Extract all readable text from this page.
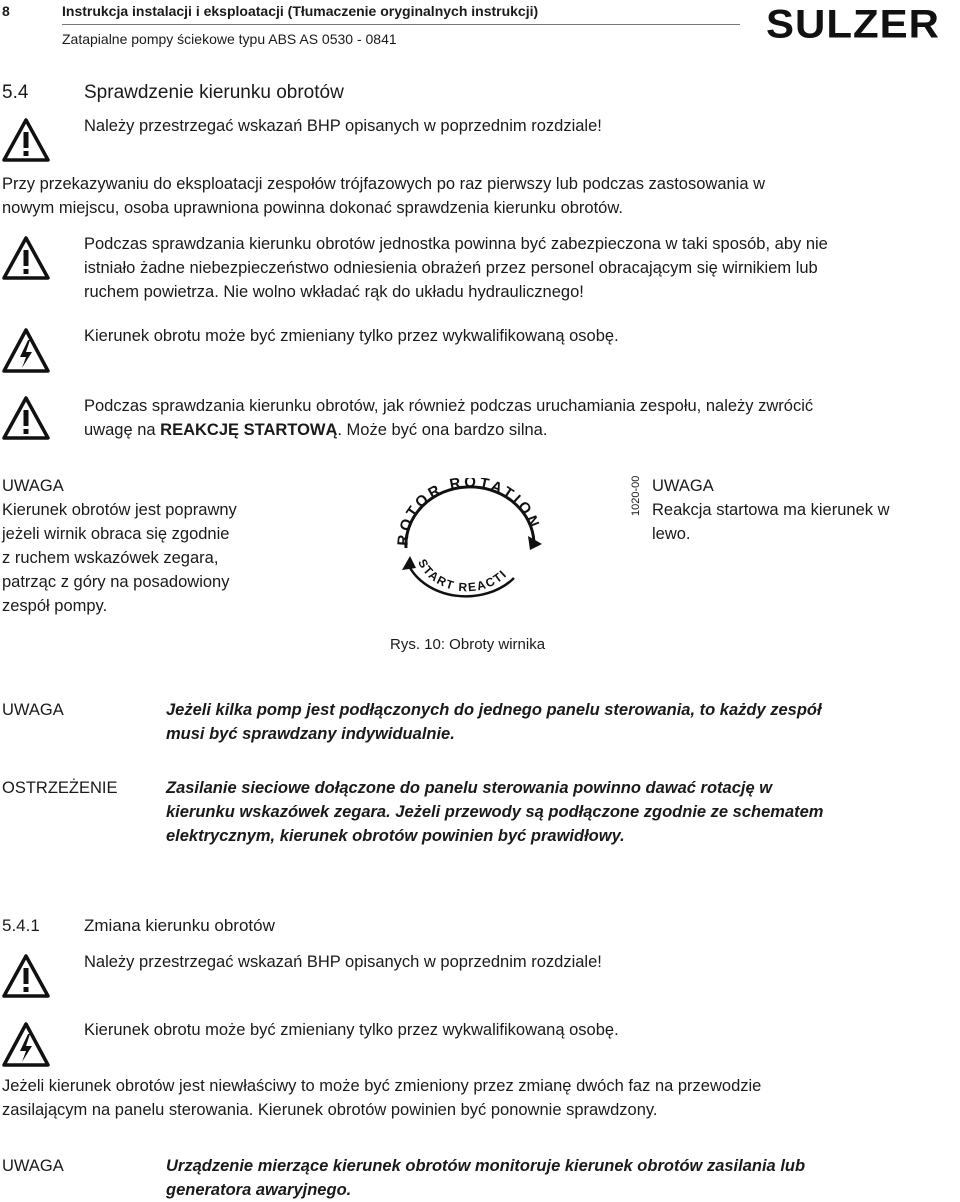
8	Instrukcja instalacji i eksploatacji (Tłumaczenie oryginalnych instrukcji)
Zatapialne pompy ściekowe typu ABS AS 0530 - 0841	SULZER
5.4	Sprawdzenie kierunku obrotów
Należy przestrzegać wskazań BHP opisanych w poprzednim rozdziale!
Przy przekazywaniu do eksploatacji zespołów trójfazowych po raz pierwszy lub podczas zastosowania w
nowym miejscu, osoba uprawniona powinna dokonać sprawdzenia kierunku obrotów.
Podczas sprawdzania kierunku obrotów jednostka powinna być zabezpieczona w taki sposób, aby nie
istniało żadne niebezpieczeństwo odniesienia obrażeń przez personel obracającym się wirnikiem lub
ruchem powietrza. Nie wolno wkładać rąk do układu hydraulicznego!
Kierunek obrotu może być zmieniany tylko przez wykwalifikowaną osobę.
Podczas sprawdzania kierunku obrotów, jak również podczas uruchamiania zespołu, należy zwrócić
uwagę na REAKCJĘ STARTOWĄ. Może być ona bardzo silna.
UWAGA
Kierunek obrotów jest poprawny
jeżeli wirnik obraca się zgodnie
z ruchem wskazówek zegara,
patrząc z góry na posadowiony
zespół pompy.
ROTOR ROTATION
START REACTI
1020-00 UWAGA
Reakcja startowa ma kierunek w
lewo.
Rys. 10: Obroty wirnika
UWAGA	Jeżeli kilka pomp jest podłączonych do jednego panelu sterowania, to każdy zespół
musi być sprawdzany indywidualnie.
OSTRZEŻENIE	Zasilanie sieciowe dołączone do panelu sterowania powinno dawać rotację w
kierunku wskazówek zegara. Jeżeli przewody są podłączone zgodnie ze schematem
elektrycznym, kierunek obrotów powinien być prawidłowy.
5.4.1	Zmiana kierunku obrotów
Należy przestrzegać wskazań BHP opisanych w poprzednim rozdziale!
Kierunek obrotu może być zmieniany tylko przez wykwalifikowaną osobę.
Jeżeli kierunek obrotów jest niewłaściwy to może być zmieniony przez zmianę dwóch faz na przewodzie
zasilającym na panelu sterowania. Kierunek obrotów powinien być ponownie sprawdzony.
UWAGA	Urządzenie mierzące kierunek obrotów monitoruje kierunek obrotów zasilania lub
generatora awaryjnego.
